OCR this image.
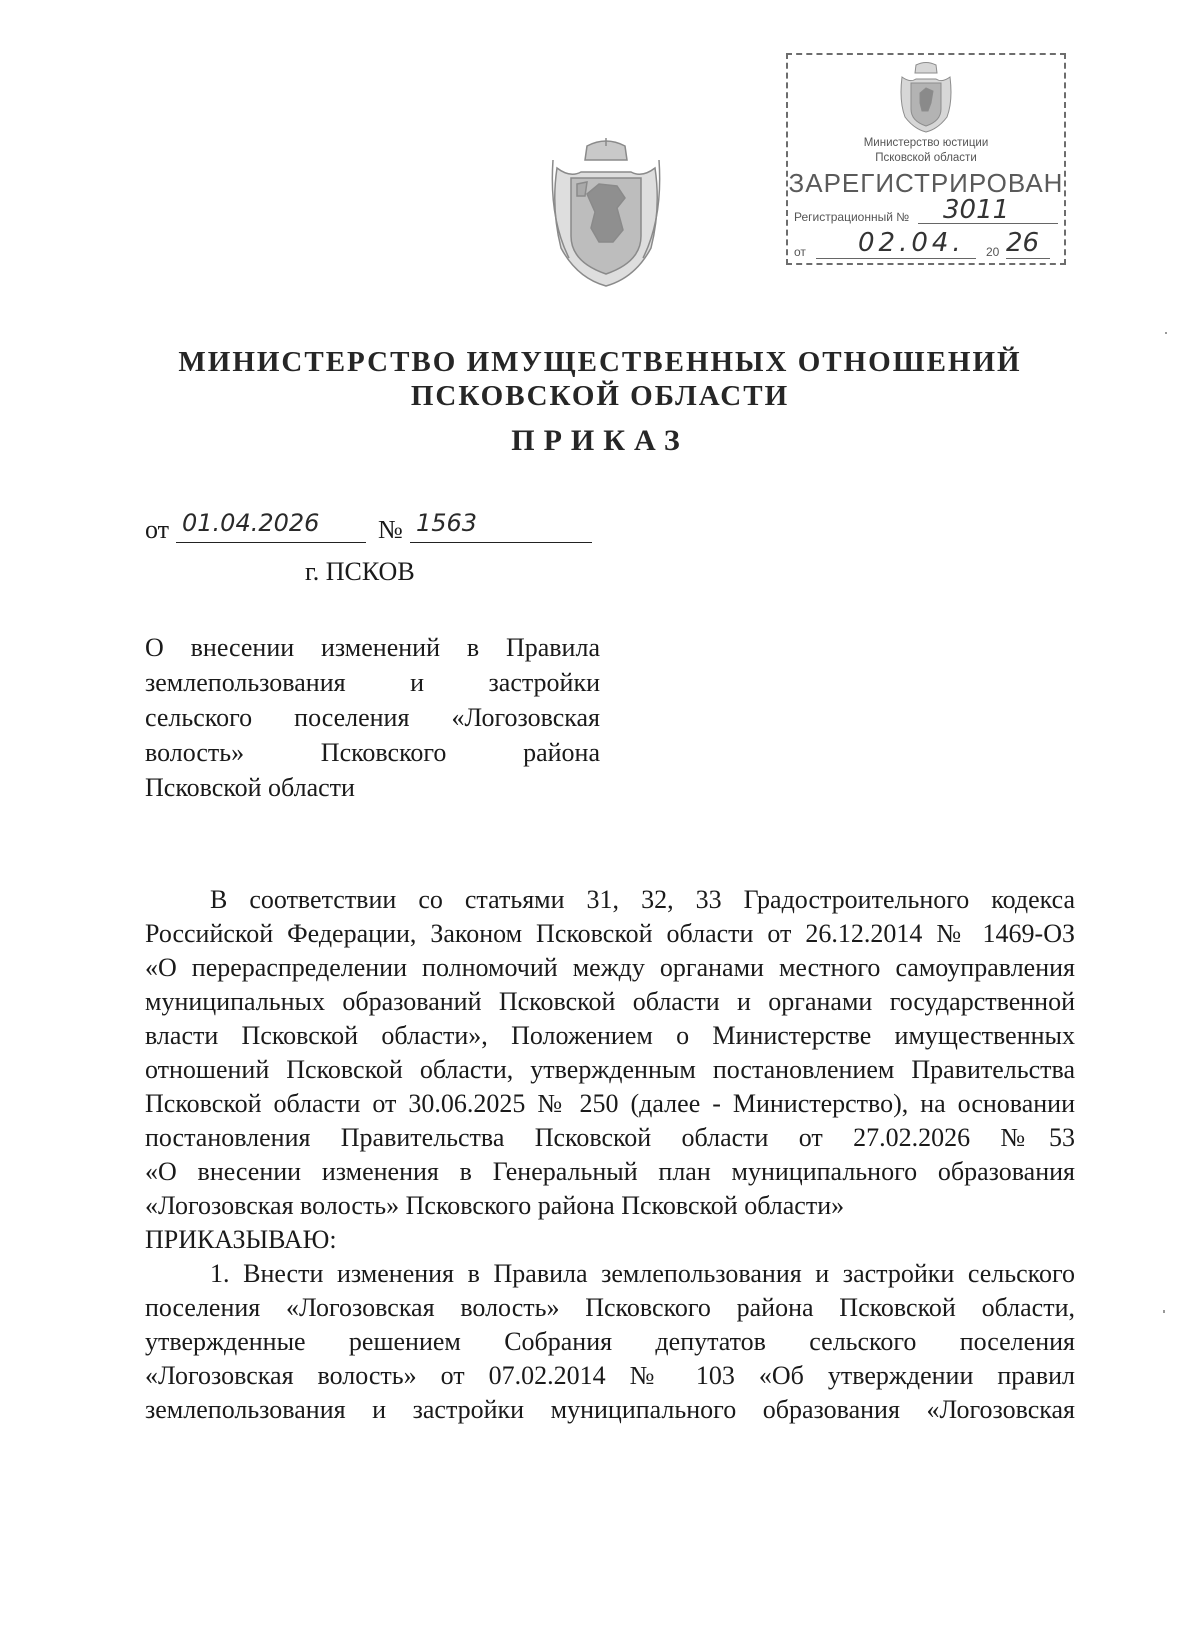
Министерство юстиции
Псковской области
ЗАРЕГИСТРИРОВАН
Регистрационный № 3011
от 02.04. 20 26
МИНИСТЕРСТВО ИМУЩЕСТВЕННЫХ ОТНОШЕНИЙ
ПСКОВСКОЙ ОБЛАСТИ
ПРИКАЗ
от 01.04.2026 № 1563
г. ПСКОВ
О внесении изменений в Правила
землепользования и застройки
сельского поселения «Логозовская
волость» Псковского района
Псковской области
В соответствии со статьями 31, 32, 33 Градостроительного кодекса
Российской Федерации, Законом Псковской области от 26.12.2014 № 1469-ОЗ
«О перераспределении полномочий между органами местного самоуправления
муниципальных образований Псковской области и органами государственной
власти Псковской области», Положением о Министерстве имущественных
отношений Псковской области, утвержденным постановлением Правительства
Псковской области от 30.06.2025 № 250 (далее - Министерство), на основании
постановления Правительства Псковской области от 27.02.2026 №53
«О внесении изменения в Генеральный план муниципального образования
«Логозовская волость» Псковского района Псковской области»
ПРИКАЗЫВАЮ:
1. Внести изменения в Правила землепользования и застройки сельского
поселения «Логозовская волость» Псковского района Псковской области,
утвержденные решением Собрания депутатов сельского поселения
«Логозовская волость» от 07.02.2014 № 103 «Об утверждении правил
землепользования и застройки муниципального образования «Логозовская
